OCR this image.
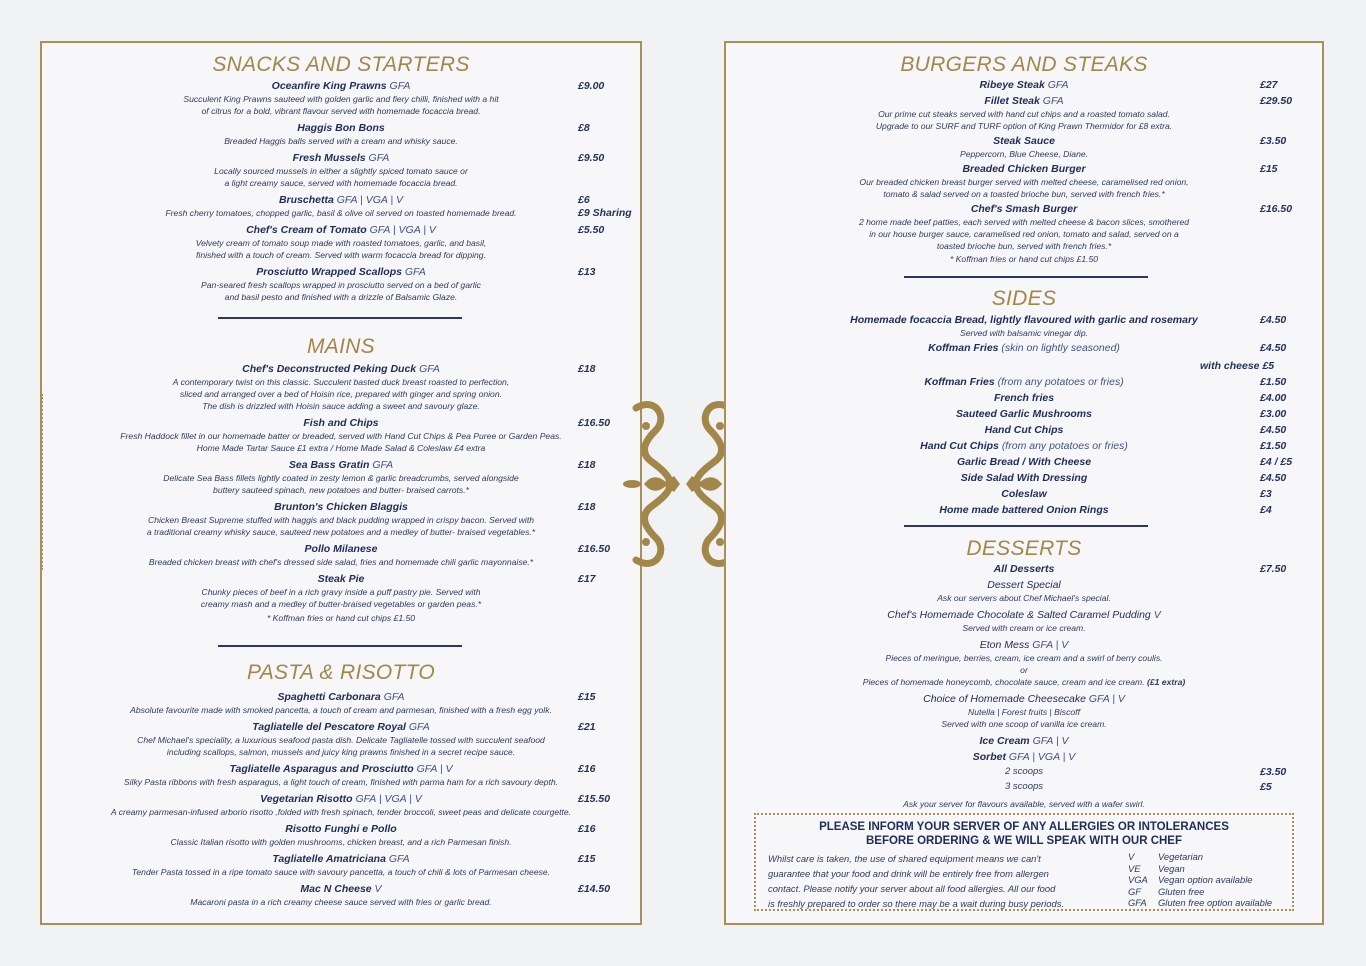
SNACKS AND STARTERS
Oceanfire King Prawns GFA	£9.00
Succulent King Prawns sauteed with golden garlic and fiery chilli, finished with a hit
of citrus for a bold, vibrant flavour served with homemade focaccia bread.
Haggis Bon Bons	£8
Breaded Haggis balls served with a cream and whisky sauce.
Fresh Mussels GFA	£9.50
Locally sourced mussels in either a slightly spiced tomato sauce or
a light creamy sauce, served with homemade focaccia bread.
Bruschetta GFA | VGA | V	£6
£9 Sharing
Fresh cherry tomatoes, chopped garlic, basil & olive oil served on toasted homemade bread.
Chef's Cream of Tomato GFA | VGA | V	£5.50
Velvety cream of tomato soup made with roasted tomatoes, garlic, and basil,
finished with a touch of cream. Served with warm focaccia bread for dipping.
Prosciutto Wrapped Scallops GFA	£13
Pan-seared fresh scallops wrapped in prosciutto served on a bed of garlic
and basil pesto and finished with a drizzle of Balsamic Glaze.
MAINS
Chef's Deconstructed Peking Duck GFA	£18
A contemporary twist on this classic. Succulent basted duck breast roasted to perfection,
sliced and arranged over a bed of Hoisin rice, prepared with ginger and spring onion.
The dish is drizzled with Hoisin sauce adding a sweet and savoury glaze.
Fish and Chips	£16.50
Fresh Haddock fillet in our homemade batter or breaded, served with Hand Cut Chips & Pea Puree or Garden Peas.
Home Made Tartar Sauce £1 extra / Home Made Salad & Coleslaw £4 extra
Sea Bass Gratin GFA	£18
Delicate Sea Bass fillets lightly coated in zesty lemon & garlic breadcrumbs, served alongside
buttery sauteed spinach, new potatoes and butter- braised carrots.*
Brunton's Chicken Blaggis	£18
Chicken Breast Supreme stuffed with haggis and black pudding wrapped in crispy bacon. Served with
a traditional creamy whisky sauce, sauteed new potatoes and a medley of butter- braised vegetables.*
Pollo Milanese	£16.50
Breaded chicken breast with chef's dressed side salad, fries and homemade chili garlic mayonnaise.*
Steak Pie	£17
Chunky pieces of beef in a rich gravy inside a puff pastry pie. Served with
creamy mash and a medley of butter-braised vegetables or garden peas.*
* Koffman fries or hand cut chips £1.50
PASTA & RISOTTO
Spaghetti Carbonara GFA	£15
Absolute favourite made with smoked pancetta, a touch of cream and parmesan, finished with a fresh egg yolk.
Tagliatelle del Pescatore Royal GFA	£21
Chef Michael's speciality, a luxurious seafood pasta dish. Delicate Tagliatelle tossed with succulent seafood
including scallops, salmon, mussels and juicy king prawns finished in a secret recipe sauce.
Tagliatelle Asparagus and Prosciutto GFA | V	£16
Silky Pasta ribbons with fresh asparagus, a light touch of cream, finished with parma ham for a rich savoury depth.
Vegetarian Risotto GFA | VGA | V	£15.50
A creamy parmesan-infused arborio risotto ,folded with fresh spinach, tender broccoli, sweet peas and delicate courgette.
Risotto Funghi e Pollo	£16
Classic Italian risotto with golden mushrooms, chicken breast, and a rich Parmesan finish.
Tagliatelle Amatriciana GFA	£15
Tender Pasta tossed in a ripe tomato sauce with savoury pancetta, a touch of chili & lots of Parmesan cheese.
Mac N Cheese V	£14.50
Macaroni pasta in a rich creamy cheese sauce served with fries or garlic bread.
BURGERS AND STEAKS
Ribeye Steak GFA	£27
Fillet Steak GFA	£29.50
Our prime cut steaks served with hand cut chips and a roasted tomato salad.
Upgrade to our SURF and TURF option of King Prawn Thermidor for £8 extra.
Steak Sauce	£3.50
Peppercorn, Blue Cheese, Diane.
Breaded Chicken Burger	£15
Our breaded chicken breast burger served with melted cheese, caramelised red onion,
tomato & salad served on a toasted brioche bun, served with french fries.*
Chef's Smash Burger	£16.50
2 home made beef patties, each served with melted cheese & bacon slices, smothered
in our house burger sauce, caramelised red onion, tomato and salad, served on a
toasted brioche bun, served with french fries.*
* Koffman fries or hand cut chips £1.50
SIDES
Homemade focaccia Bread, lightly flavoured with garlic and rosemary	£4.50
Served with balsamic vinegar dip.
Koffman Fries (skin on lightly seasoned)	£4.50
with cheese £5
Koffman Fries (from any potatoes or fries)	£1.50
French fries	£4.00
Sauteed Garlic Mushrooms	£3.00
Hand Cut Chips	£4.50
Hand Cut Chips (from any potatoes or fries)	£1.50
Garlic Bread / With Cheese	£4 / £5
Side Salad With Dressing	£4.50
Coleslaw	£3
Home made battered Onion Rings	£4
DESSERTS
All Desserts	£7.50
Dessert Special
Ask our servers about Chef Michael's special.
Chef's Homemade Chocolate & Salted Caramel Pudding V
Served with cream or ice cream.
Eton Mess GFA | V
Pieces of meringue, berries, cream, ice cream and a swirl of berry coulis.
or
Pieces of homemade honeycomb, chocolate sauce, cream and ice cream. (£1 extra)
Choice of Homemade Cheesecake GFA | V
Nutella | Forest fruits | Biscoff
Served with one scoop of vanilla ice cream.
Ice Cream GFA | V
Sorbet GFA | VGA | V
2 scoops	£3.50
3 scoops	£5
Ask your server for flavours available, served with a wafer swirl.
PLEASE INFORM YOUR SERVER OF ANY ALLERGIES OR INTOLERANCES
BEFORE ORDERING & WE WILL SPEAK WITH OUR CHEF
Whilst care is taken, the use of shared equipment means we can't
guarantee that your food and drink will be entirely free from allergen
contact. Please notify your server about all food allergies. All our food
is freshly prepared to order so there may be a wait during busy periods.
V	Vegetarian
VE	Vegan
VGA	Vegan option available
GF	Gluten free
GFA	Gluten free option available
